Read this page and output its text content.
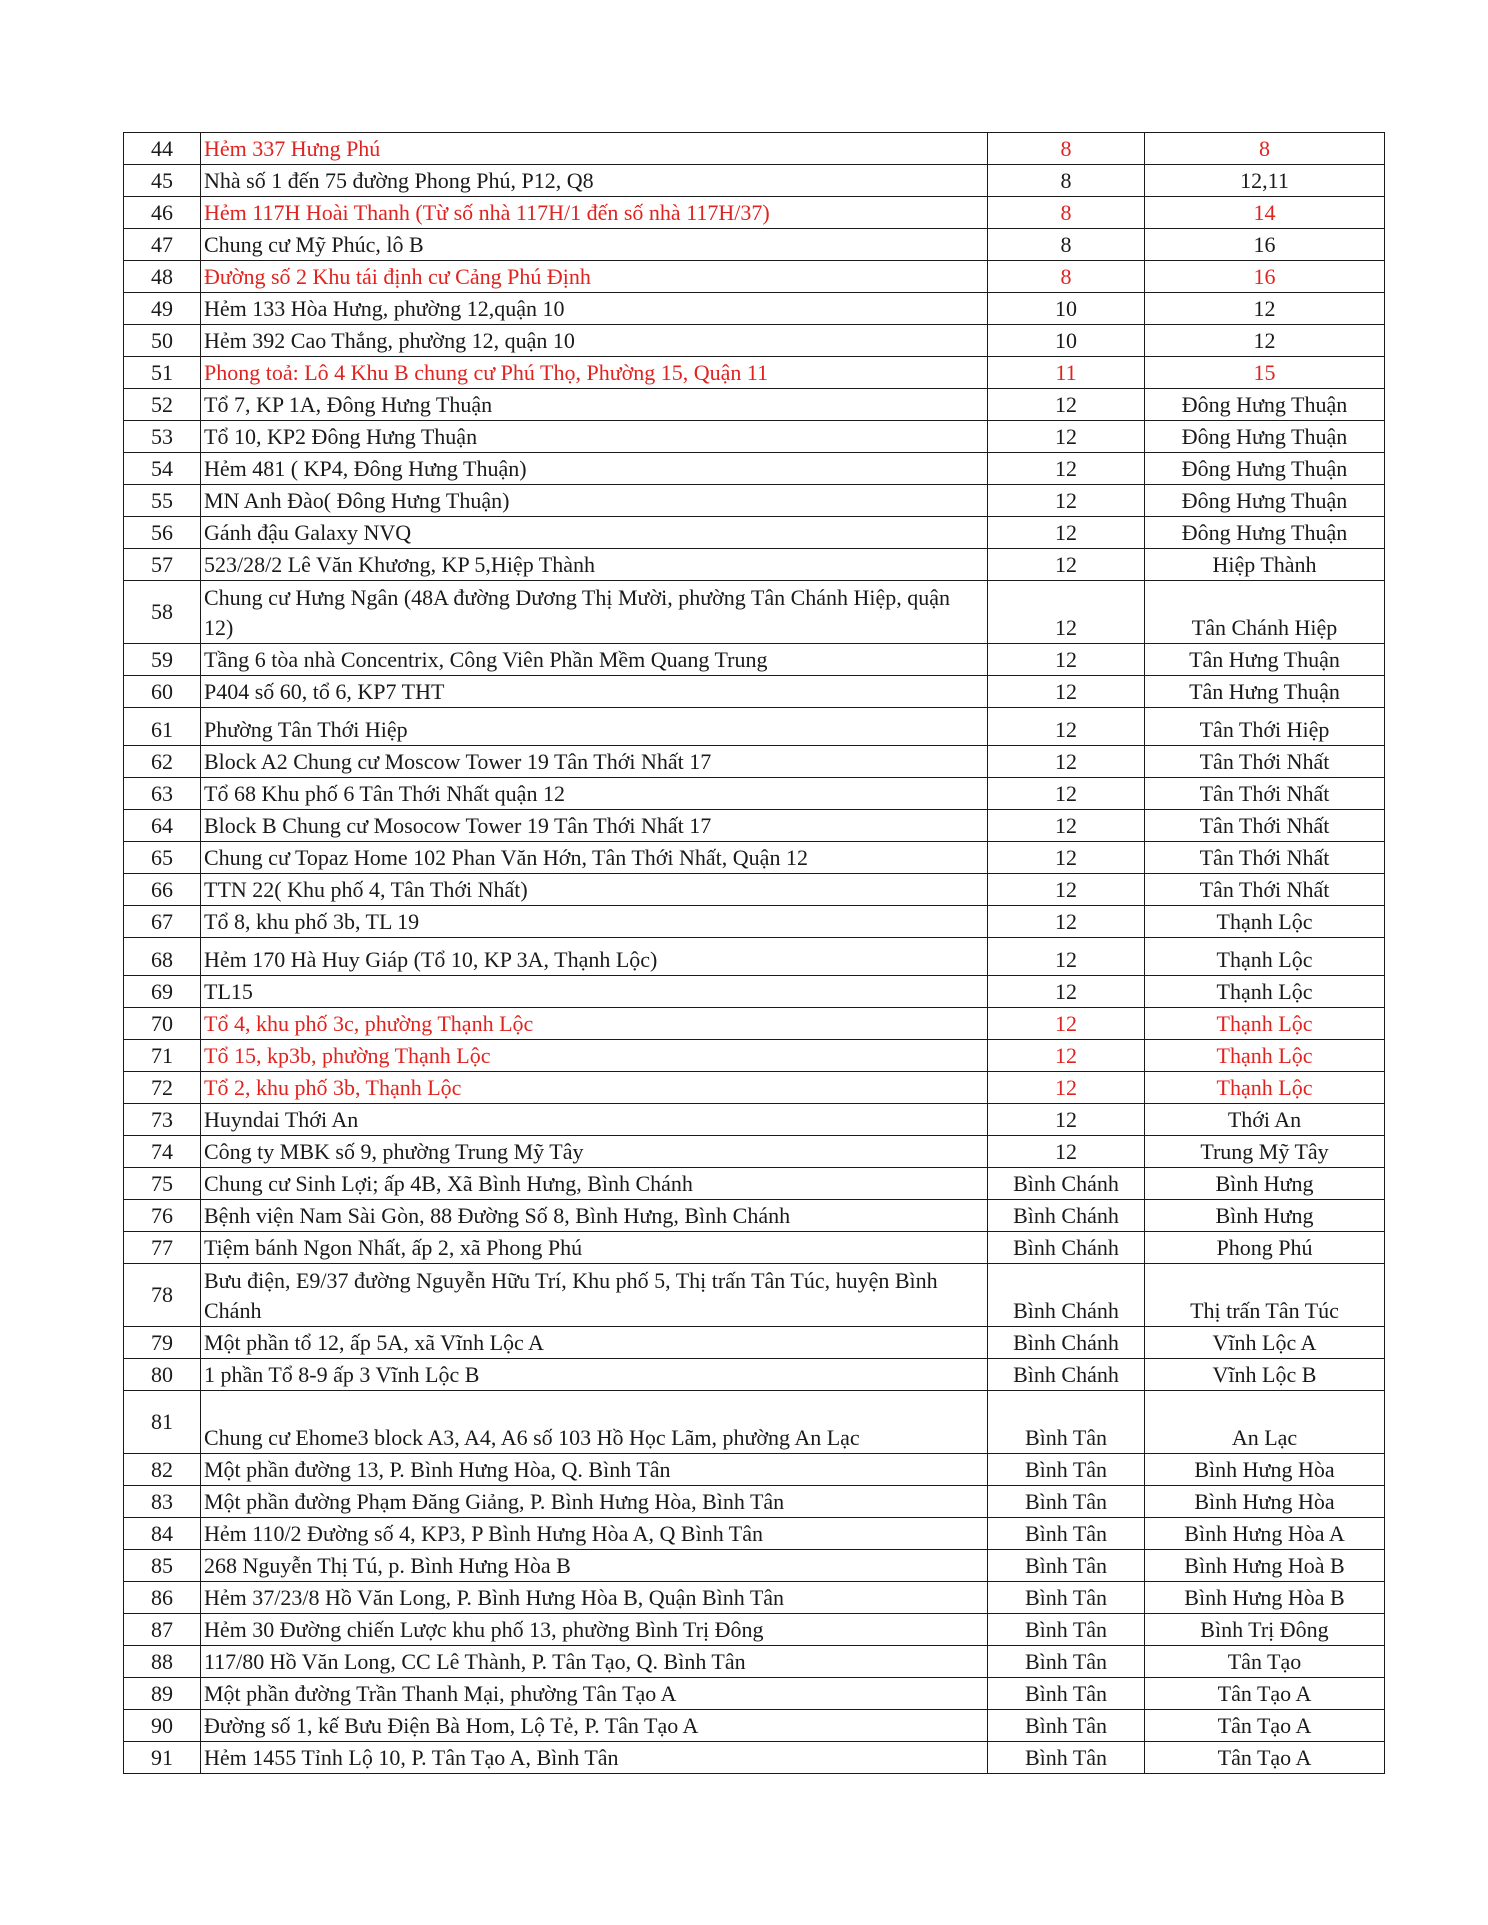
44	Hẻm 337 Hưng Phú	8	8
45	Nhà số 1 đến 75 đường Phong Phú, P12, Q8	8	12,11
46	Hẻm 117H Hoài Thanh (Từ số nhà 117H/1 đến số nhà 117H/37)	8	14
47	Chung cư Mỹ Phúc, lô B	8	16
48	Đường số 2 Khu tái định cư Cảng Phú Định	8	16
49	Hẻm 133 Hòa Hưng, phường 12,quận 10	10	12
50	Hẻm 392 Cao Thắng, phường 12, quận 10	10	12
51	Phong toả: Lô 4 Khu B chung cư Phú Thọ, Phường 15, Quận 11	11	15
52	Tổ 7, KP 1A, Đông Hưng Thuận	12	Đông Hưng Thuận
53	Tổ 10, KP2 Đông Hưng Thuận	12	Đông Hưng Thuận
54	Hẻm 481 ( KP4, Đông Hưng Thuận)	12	Đông Hưng Thuận
55	MN Anh Đào( Đông Hưng Thuận)	12	Đông Hưng Thuận
56	Gánh đậu Galaxy NVQ	12	Đông Hưng Thuận
57	523/28/2 Lê Văn Khương, KP 5,Hiệp Thành	12	Hiệp Thành
58	Chung cư Hưng Ngân (48A đường Dương Thị Mười, phường Tân Chánh Hiệp, quận 12)	12	Tân Chánh Hiệp
59	Tầng 6 tòa nhà Concentrix, Công Viên Phần Mềm Quang Trung	12	Tân Hưng Thuận
60	P404 số 60, tổ 6, KP7 THT	12	Tân Hưng Thuận
61	Phường Tân Thới Hiệp	12	Tân Thới Hiệp
62	Block A2 Chung cư Moscow Tower 19 Tân Thới Nhất 17	12	Tân Thới Nhất
63	Tổ 68 Khu phố 6 Tân Thới Nhất quận 12	12	Tân Thới Nhất
64	Block B Chung cư Mosocow Tower 19 Tân Thới Nhất 17	12	Tân Thới Nhất
65	Chung cư Topaz Home 102 Phan Văn Hớn, Tân Thới Nhất, Quận 12	12	Tân Thới Nhất
66	TTN 22( Khu phố 4, Tân Thới Nhất)	12	Tân Thới Nhất
67	Tổ 8, khu phố 3b, TL 19	12	Thạnh Lộc
68	Hẻm 170 Hà Huy Giáp (Tổ 10, KP 3A, Thạnh Lộc)	12	Thạnh Lộc
69	TL15	12	Thạnh Lộc
70	Tổ 4, khu phố 3c, phường Thạnh Lộc	12	Thạnh Lộc
71	Tổ 15, kp3b, phường Thạnh Lộc	12	Thạnh Lộc
72	Tổ 2, khu phố 3b, Thạnh Lộc	12	Thạnh Lộc
73	Huyndai Thới An	12	Thới An
74	Công ty MBK số 9, phường Trung Mỹ Tây	12	Trung Mỹ Tây
75	Chung cư Sinh Lợi; ấp 4B, Xã Bình Hưng, Bình Chánh	Bình Chánh	Bình Hưng
76	Bệnh viện Nam Sài Gòn, 88 Đường Số 8, Bình Hưng, Bình Chánh	Bình Chánh	Bình Hưng
77	Tiệm bánh Ngon Nhất, ấp 2, xã Phong Phú	Bình Chánh	Phong Phú
78	Bưu điện, E9/37 đường Nguyễn Hữu Trí, Khu phố 5, Thị trấn Tân Túc, huyện Bình Chánh	Bình Chánh	Thị trấn Tân Túc
79	Một phần tổ 12, ấp 5A, xã Vĩnh Lộc A	Bình Chánh	Vĩnh Lộc A
80	1 phần Tổ 8-9 ấp 3 Vĩnh Lộc B	Bình Chánh	Vĩnh Lộc B
81	Chung cư Ehome3 block A3, A4, A6 số 103 Hồ Học Lãm, phường An Lạc	Bình Tân	An Lạc
82	Một phần đường 13, P. Bình Hưng Hòa, Q. Bình Tân	Bình Tân	Bình Hưng Hòa
83	Một phần đường Phạm Đăng Giảng, P. Bình Hưng Hòa, Bình Tân	Bình Tân	Bình Hưng Hòa
84	Hẻm 110/2 Đường số 4, KP3, P Bình Hưng Hòa A, Q Bình Tân	Bình Tân	Bình Hưng Hòa A
85	268 Nguyễn Thị Tú, p. Bình Hưng Hòa B	Bình Tân	Bình Hưng Hoà B
86	Hẻm 37/23/8 Hồ Văn Long, P. Bình Hưng Hòa B, Quận Bình Tân	Bình Tân	Bình Hưng Hòa B
87	Hẻm 30 Đường chiến Lược khu phố 13, phường Bình Trị Đông	Bình Tân	Bình Trị Đông
88	117/80 Hồ Văn Long, CC Lê Thành, P. Tân Tạo, Q. Bình Tân	Bình Tân	Tân Tạo
89	Một phần đường Trần Thanh Mại, phường Tân Tạo A	Bình Tân	Tân Tạo A
90	Đường số 1, kế Bưu Điện Bà Hom, Lộ Tẻ, P. Tân Tạo A	Bình Tân	Tân Tạo A
91	Hẻm 1455 Tỉnh Lộ 10, P. Tân Tạo A, Bình Tân	Bình Tân	Tân Tạo A
